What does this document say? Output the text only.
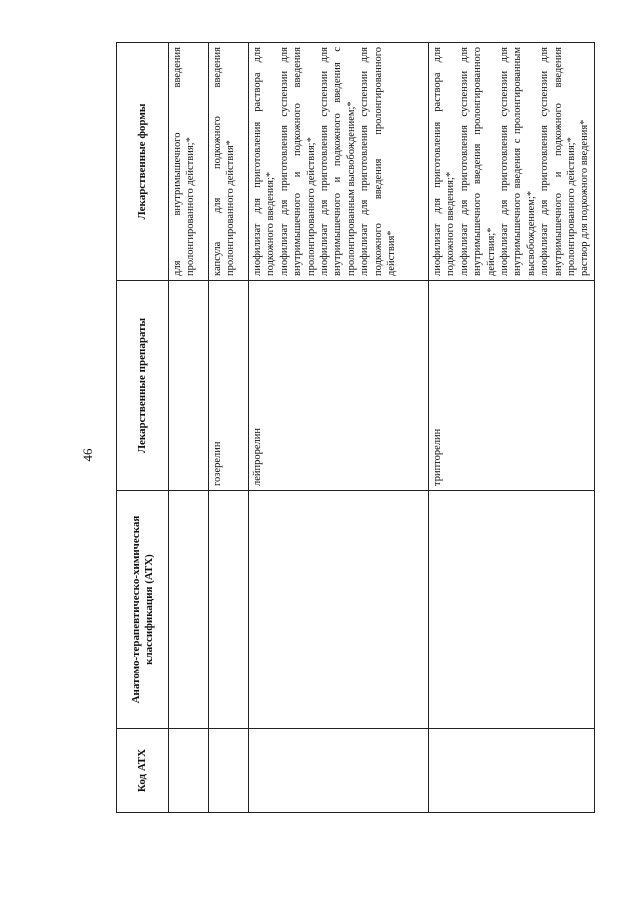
46
Код АТХ	Анатомо-терапевтическо-химическая классификация (АТХ)	Лекарственные препараты	Лекарственные формы

			для внутримышечного введения пролонгированного действия;*

		гозерелин	капсула для подкожного введения пролонгированного действия*

		лейпрорелин	лиофилизат для приготовления раствора для подкожного введения;* лиофилизат для приготовления суспензии для внутримышечного и подкожного введения пролонгированного действия;* лиофилизат для приготовления суспензии для внутримышечного и подкожного введения с пролонгированным высвобождением;* лиофилизат для приготовления суспензии для подкожного введения пролонгированного действия*

		трипторелин	лиофилизат для приготовления раствора для подкожного введения;* лиофилизат для приготовления суспензии для внутримышечного введения пролонгированного действия;* лиофилизат для приготовления суспензии для внутримышечного введения с пролонгированным высвобождением;* лиофилизат для приготовления суспензии для внутримышечного и подкожного введения пролонгированного действия;* раствор для подкожного введения*
